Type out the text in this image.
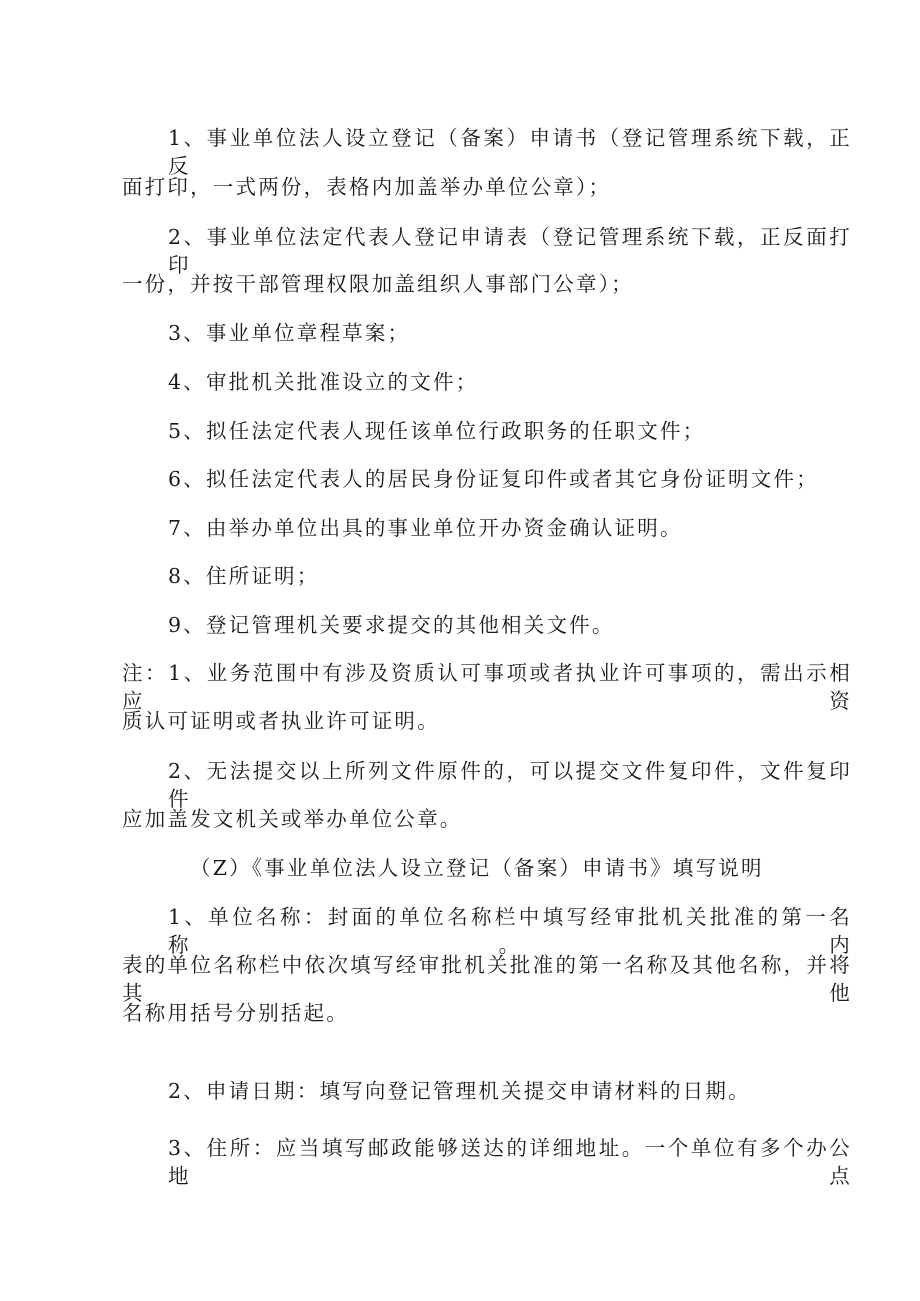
1、事业单位法人设立登记（备案）申请书（登记管理系统下载，正反
面打印，一式两份，表格内加盖举办单位公章）；
2、事业单位法定代表人登记申请表（登记管理系统下载，正反面打印
一份，并按干部管理权限加盖组织人事部门公章）；
3、事业单位章程草案；
4、审批机关批准设立的文件；
5、拟任法定代表人现任该单位行政职务的任职文件；
6、拟任法定代表人的居民身份证复印件或者其它身份证明文件；
7、由举办单位出具的事业单位开办资金确认证明。
8、住所证明；
9、登记管理机关要求提交的其他相关文件。
注：1、业务范围中有涉及资质认可事项或者执业许可事项的，需出示相应资
质认可证明或者执业许可证明。
2、无法提交以上所列文件原件的，可以提交文件复印件，文件复印件
应加盖发文机关或举办单位公章。
（Z）《事业单位法人设立登记（备案）申请书》填写说明
1、单位名称：封面的单位名称栏中填写经审批机关批准的第一名称。内
表的单位名称栏中依次填写经审批机关批准的第一名称及其他名称，并将其他
名称用括号分别括起。
2、申请日期：填写向登记管理机关提交申请材料的日期。
3、住所：应当填写邮政能够送达的详细地址。一个单位有多个办公地点
